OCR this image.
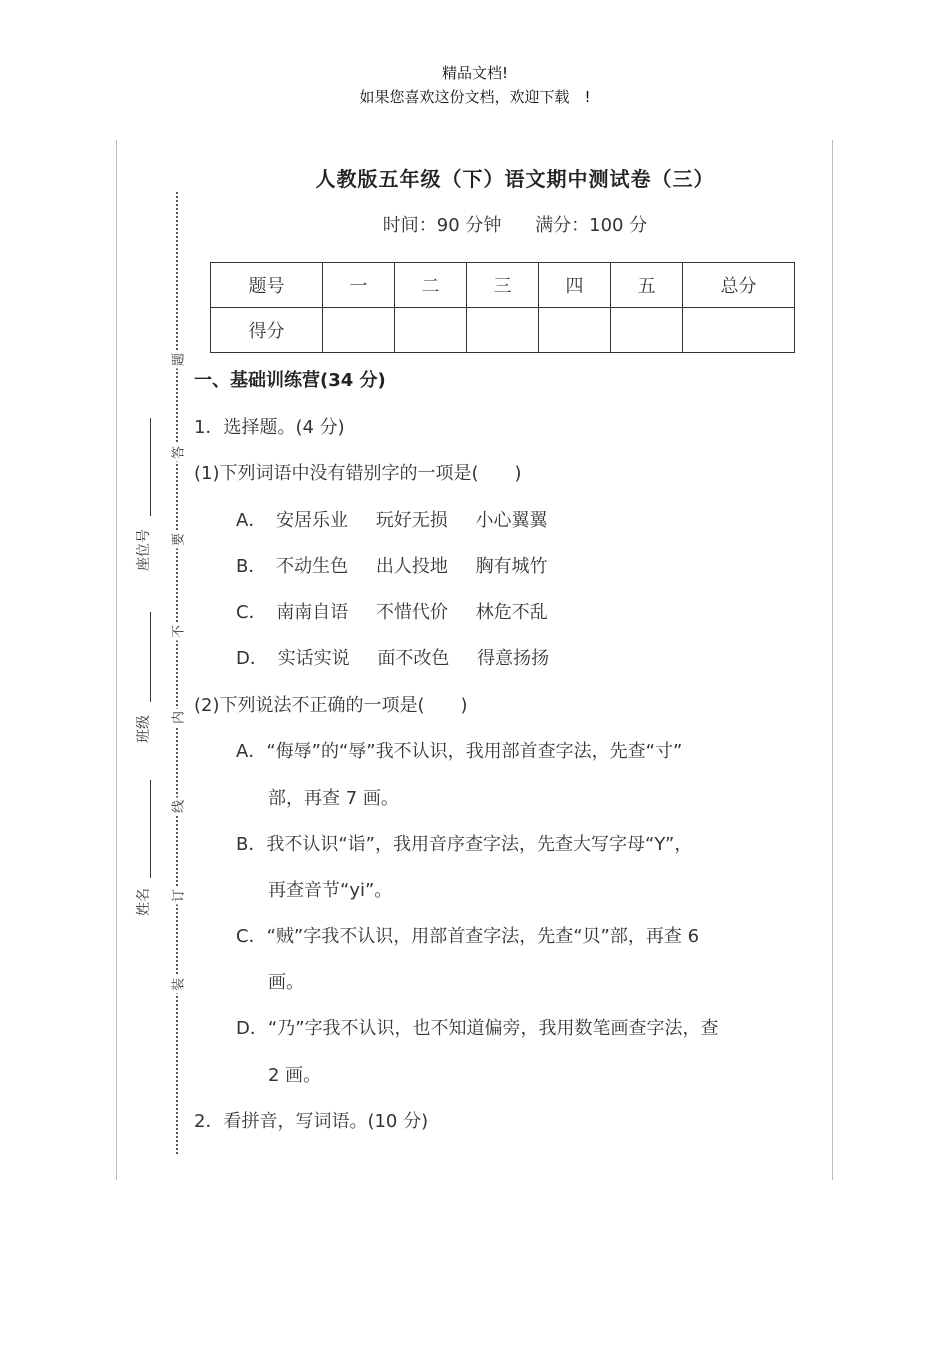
精品文档!
如果您喜欢这份文档，欢迎下载　!
题
答
要
不
内
线
订
装
座位号
班级
姓名
人教版五年级（下）语文期中测试卷（三）
时间：90 分钟 满分：100 分
题号	一	二	三	四	五	总分
得分						
一、基础训练营(34 分)
1．选择题。(4 分)
(1)下列词语中没有错别字的一项是(　　)
A． 安居乐业 玩好无损 小心翼翼
B． 不动生色 出人投地 胸有城竹
C． 南南自语 不惜代价 林危不乱
D． 实话实说 面不改色 得意扬扬
(2)下列说法不正确的一项是(　　)
A．“侮辱”的“辱”我不认识，我用部首查字法，先查“寸”
部，再查 7 画。
B．我不认识“诣”，我用音序查字法，先查大写字母“Y”，
再查音节“yi”。
C．“贼”字我不认识，用部首查字法，先查“贝”部，再查 6
画。
D．“乃”字我不认识，也不知道偏旁，我用数笔画查字法，查
2 画。
2．看拼音，写词语。(10 分)
